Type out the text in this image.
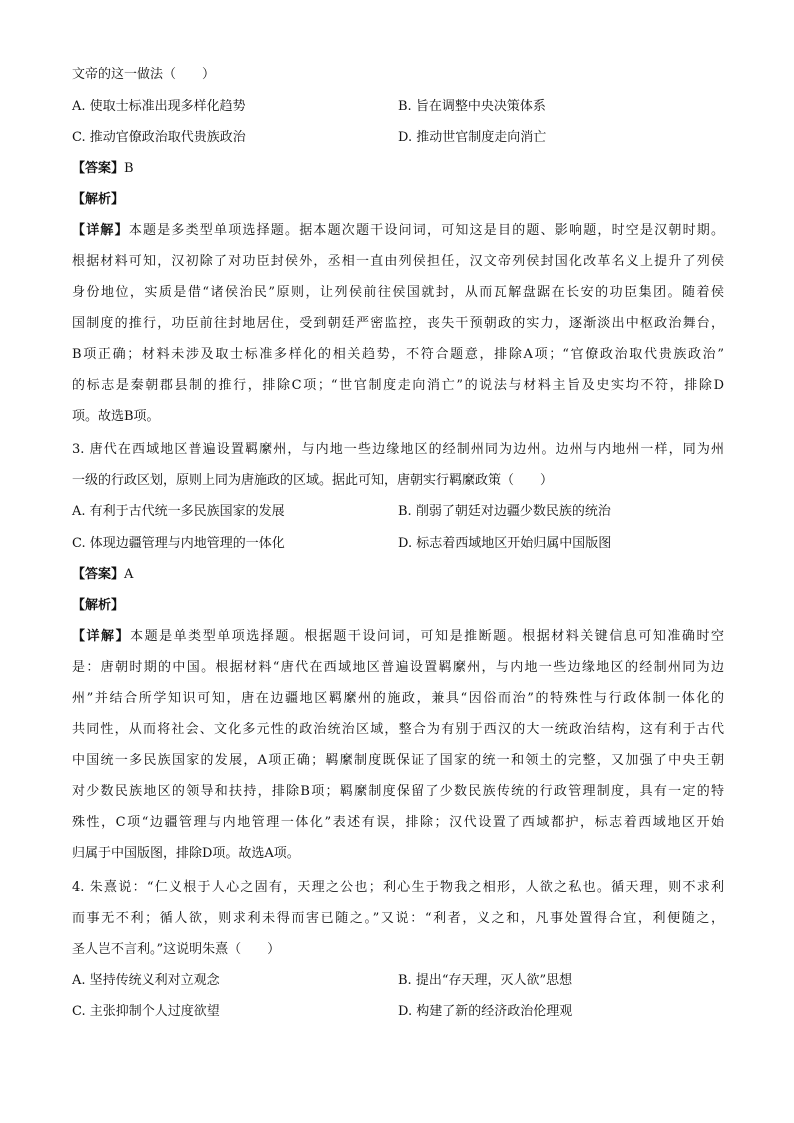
文帝的这一做法（　　）
A. 使取士标准出现多样化趋势	B. 旨在调整中央决策体系
C. 推动官僚政治取代贵族政治	D. 推动世官制度走向消亡
【答案】B
【解析】
【详解】本题是多类型单项选择题。据本题次题干设问词，可知这是目的题、影响题，时空是汉朝时期。
根据材料可知，汉初除了对功臣封侯外，丞相一直由列侯担任，汉文帝列侯封国化改革名义上提升了列侯
身份地位，实质是借“诸侯治民”原则，让列侯前往侯国就封，从而瓦解盘踞在长安的功臣集团。随着侯
国制度的推行，功臣前往封地居住，受到朝廷严密监控，丧失干预朝政的实力，逐渐淡出中枢政治舞台，
B项正确；材料未涉及取士标准多样化的相关趋势，不符合题意，排除A项；“官僚政治取代贵族政治”
的标志是秦朝郡县制的推行，排除C项；“世官制度走向消亡”的说法与材料主旨及史实均不符，排除D
项。故选B项。
3. 唐代在西域地区普遍设置羁縻州，与内地一些边缘地区的经制州同为边州。边州与内地州一样，同为州
一级的行政区划，原则上同为唐施政的区域。据此可知，唐朝实行羁縻政策（　　）
A. 有利于古代统一多民族国家的发展	B. 削弱了朝廷对边疆少数民族的统治
C. 体现边疆管理与内地管理的一体化	D. 标志着西域地区开始归属中国版图
【答案】A
【解析】
【详解】本题是单类型单项选择题。根据题干设问词，可知是推断题。根据材料关键信息可知准确时空
是：唐朝时期的中国。根据材料“唐代在西域地区普遍设置羁縻州，与内地一些边缘地区的经制州同为边
州”并结合所学知识可知，唐在边疆地区羁縻州的施政，兼具“因俗而治”的特殊性与行政体制一体化的
共同性，从而将社会、文化多元性的政治统治区域，整合为有别于西汉的大一统政治结构，这有利于古代
中国统一多民族国家的发展，A项正确；羁縻制度既保证了国家的统一和领土的完整，又加强了中央王朝
对少数民族地区的领导和扶持，排除B项；羁縻制度保留了少数民族传统的行政管理制度，具有一定的特
殊性，C项“边疆管理与内地管理一体化”表述有误，排除；汉代设置了西域都护，标志着西域地区开始
归属于中国版图，排除D项。故选A项。
4. 朱熹说：“仁义根于人心之固有，天理之公也；利心生于物我之相形，人欲之私也。循天理，则不求利
而事无不利；循人欲，则求利未得而害已随之。”又说：“利者，义之和，凡事处置得合宜，利便随之，
圣人岂不言利。”这说明朱熹（　　）
A. 坚持传统义利对立观念	B. 提出“存天理，灭人欲”思想
C. 主张抑制个人过度欲望	D. 构建了新的经济政治伦理观
